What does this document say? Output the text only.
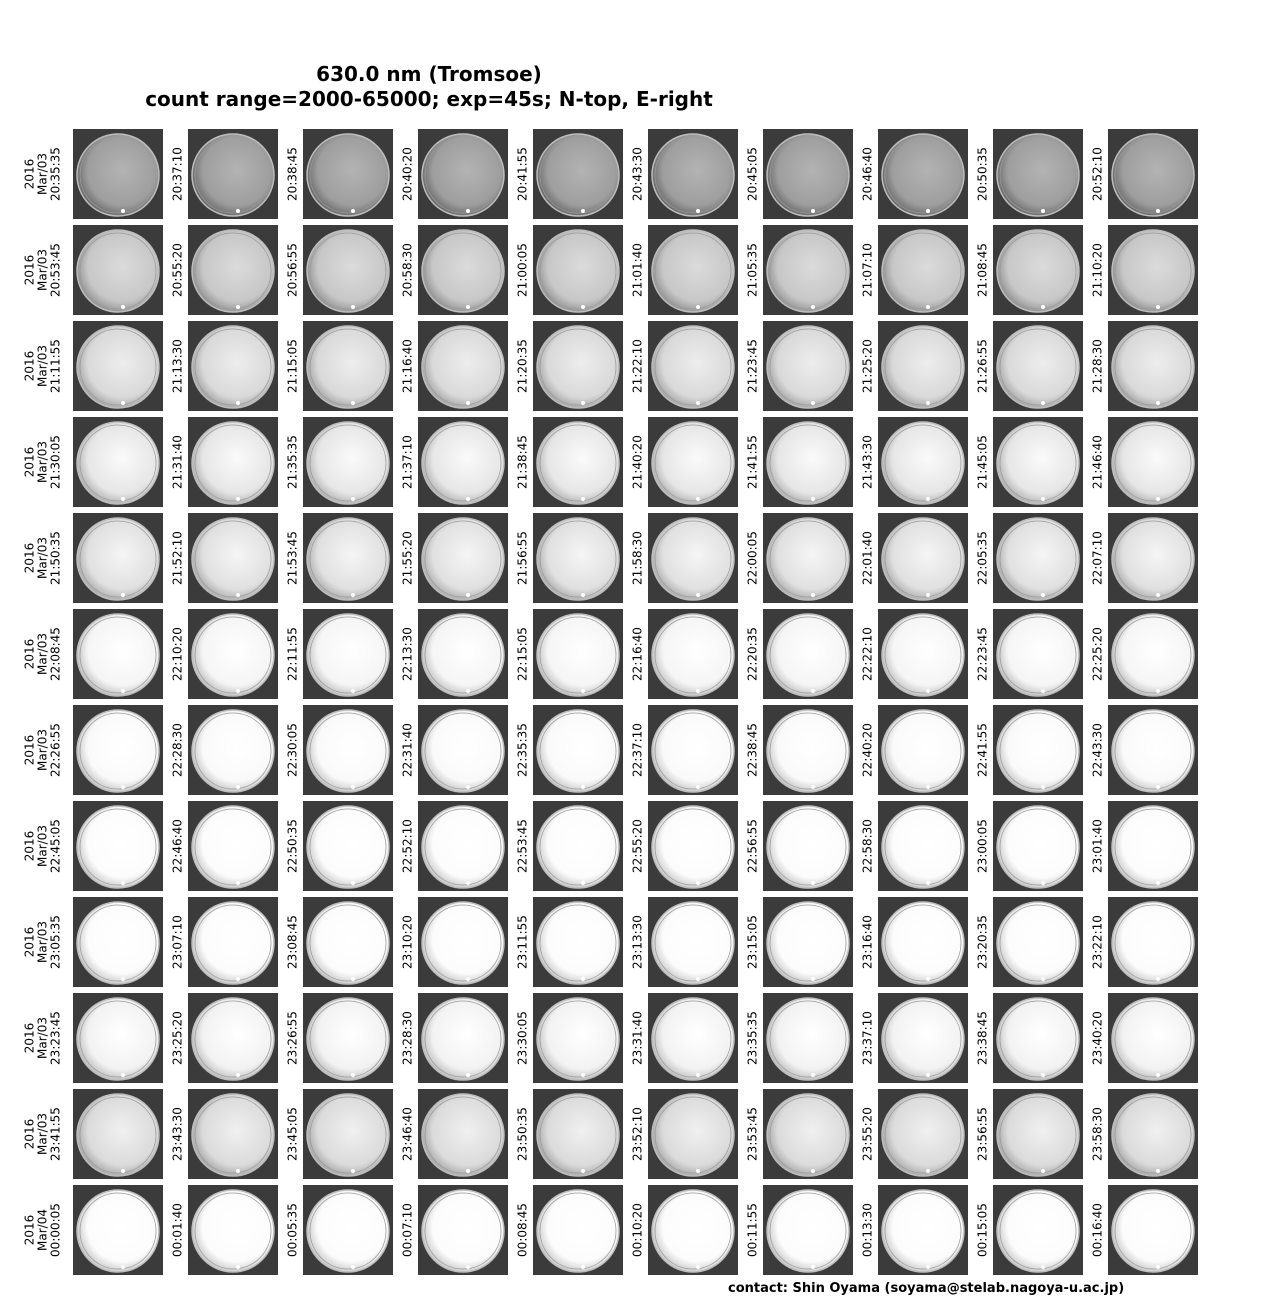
630.0 nm (Tromsoe)
count range=2000-65000; exp=45s; N-top, E-right
2016
Mar/03
20:35:35	20:37:10	20:38:45	20:40:20	20:41:55	20:43:30	20:45:05	20:46:40	20:50:35	20:52:10
2016
Mar/03
20:53:45	20:55:20	20:56:55	20:58:30	21:00:05	21:01:40	21:05:35	21:07:10	21:08:45	21:10:20
2016
Mar/03
21:11:55	21:13:30	21:15:05	21:16:40	21:20:35	21:22:10	21:23:45	21:25:20	21:26:55	21:28:30
2016
Mar/03
21:30:05	21:31:40	21:35:35	21:37:10	21:38:45	21:40:20	21:41:55	21:43:30	21:45:05	21:46:40
2016
Mar/03
21:50:35	21:52:10	21:53:45	21:55:20	21:56:55	21:58:30	22:00:05	22:01:40	22:05:35	22:07:10
2016
Mar/03
22:08:45	22:10:20	22:11:55	22:13:30	22:15:05	22:16:40	22:20:35	22:22:10	22:23:45	22:25:20
2016
Mar/03
22:26:55	22:28:30	22:30:05	22:31:40	22:35:35	22:37:10	22:38:45	22:40:20	22:41:55	22:43:30
2016
Mar/03
22:45:05	22:46:40	22:50:35	22:52:10	22:53:45	22:55:20	22:56:55	22:58:30	23:00:05	23:01:40
2016
Mar/03
23:05:35	23:07:10	23:08:45	23:10:20	23:11:55	23:13:30	23:15:05	23:16:40	23:20:35	23:22:10
2016
Mar/03
23:23:45	23:25:20	23:26:55	23:28:30	23:30:05	23:31:40	23:35:35	23:37:10	23:38:45	23:40:20
2016
Mar/03
23:41:55	23:43:30	23:45:05	23:46:40	23:50:35	23:52:10	23:53:45	23:55:20	23:56:55	23:58:30
2016
Mar/04
00:00:05	00:01:40	00:05:35	00:07:10	00:08:45	00:10:20	00:11:55	00:13:30	00:15:05	00:16:40
contact: Shin Oyama (soyama@stelab.nagoya-u.ac.jp)
